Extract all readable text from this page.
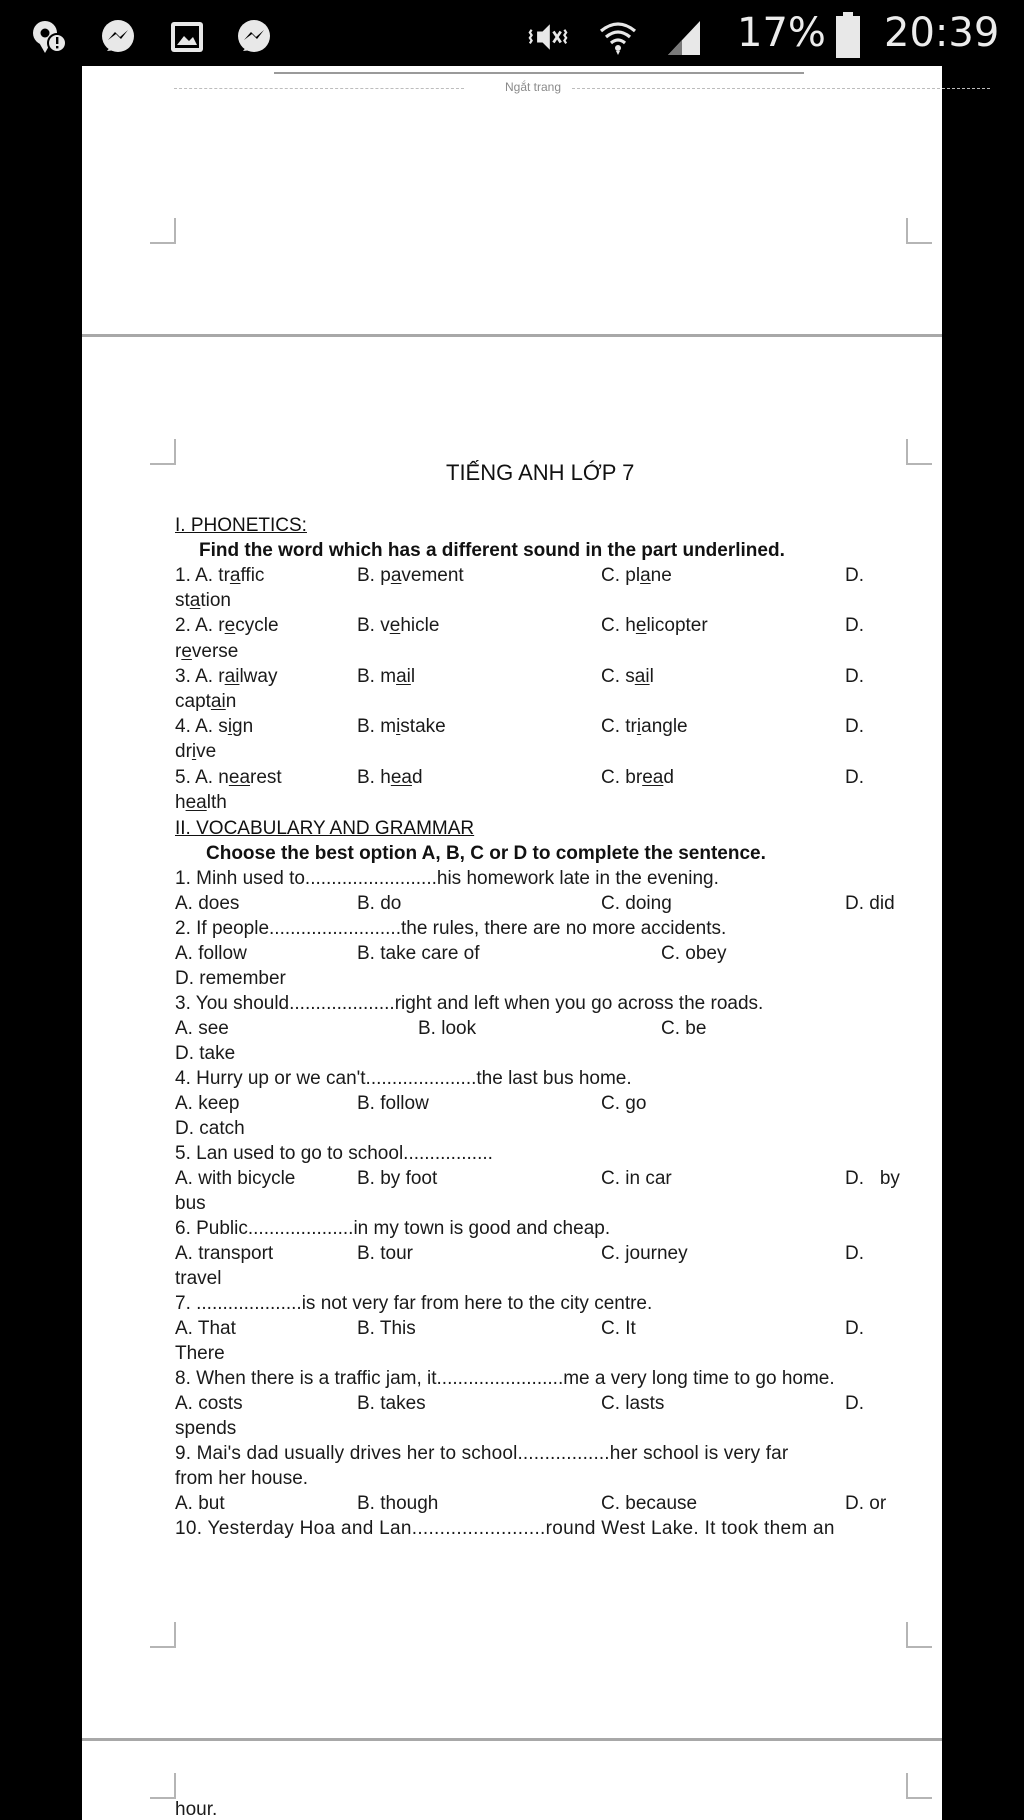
17% 20:39
Ngắt trang
TIẾNG ANH LỚP 7
I. PHONETICS:
Find the word which has a different sound in the part underlined.
1. A. traffic	B. pavement	C. plane	D.
station
2. A. recycle	B. vehicle	C. helicopter	D.
reverse
3. A. railway	B. mail	C. sail	D.
captain
4. A. sign	B. mistake	C. triangle	D.
drive
5. A. nearest	B. head	C. bread	D.
health
II. VOCABULARY AND GRAMMAR
Choose the best option A, B, C or D to complete the sentence.
1. Minh used to.........................his homework late in the evening.
A. does	B. do	C. doing	D. did
2. If people.........................the rules, there are no more accidents.
A. follow	B. take care of	C. obey
D. remember
3. You should....................right and left when you go across the roads.
A. see	B. look	C. be
D. take
4. Hurry up or we can't.....................the last bus home.
A. keep	B. follow	C. go
D. catch
5. Lan used to go to school.................
A. with bicycle	B. by foot	C. in car	D.   by
bus
6. Public....................in my town is good and cheap.
A. transport	B. tour	C. journey	D.
travel
7. ....................is not very far from here to the city centre.
A. That	B. This	C. It	D.
There
8. When there is a traffic jam, it........................me a very long time to go home.
A. costs	B. takes	C. lasts	D.
spends
9. Mai's dad usually drives her to school.................her school is very far
from her house.
A. but	B. though	C. because	D. or
10. Yesterday Hoa and Lan........................round West Lake. It took them an
hour.
